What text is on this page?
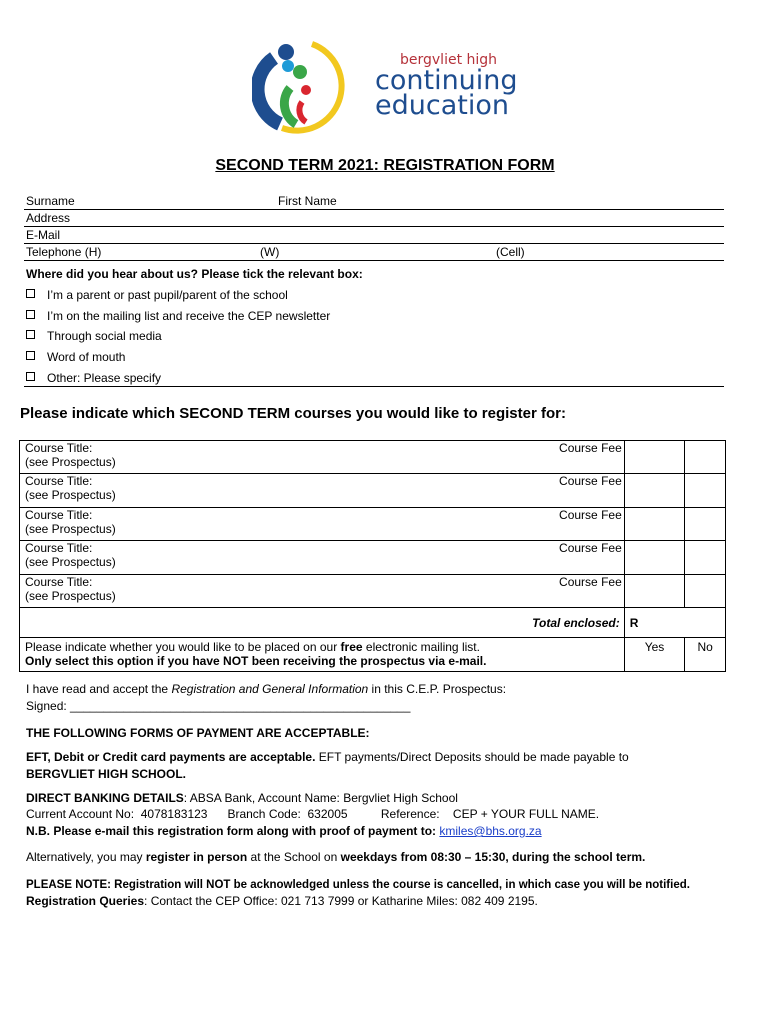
bergvliet high
continuing
education
SECOND TERM 2021: REGISTRATION FORM
Surname	First Name
Address
E-Mail
Telephone (H)	(W)	(Cell)
Where did you hear about us? Please tick the relevant box:
I’m a parent or past pupil/parent of the school
I’m on the mailing list and receive the CEP newsletter
Through social media
Word of mouth
Other: Please specify
Please indicate which SECOND TERM courses you would like to register for:
Course Title:
(see Prospectus)	Course Fee		

Course Title:
(see Prospectus)	Course Fee		

Course Title:
(see Prospectus)	Course Fee		

Course Title:
(see Prospectus)	Course Fee		

Course Title:
(see Prospectus)	Course Fee		
Total enclosed:		R	

Please indicate whether you would like to be placed on our free electronic mailing list.
Only select this option if you have NOT been receiving the prospectus via e-mail.		Yes	No
I have read and accept the Registration and General Information in this C.E.P. Prospectus:
Signed: ___________________________________________________
THE FOLLOWING FORMS OF PAYMENT ARE ACCEPTABLE:
EFT, Debit or Credit card payments are acceptable. EFT payments/Direct Deposits should be made payable to
BERGVLIET HIGH SCHOOL.
DIRECT BANKING DETAILS: ABSA Bank, Account Name: Bergvliet High School
Current Account No:  4078183123      Branch Code:  632005          Reference:    CEP + YOUR FULL NAME.
N.B. Please e-mail this registration form along with proof of payment to: kmiles@bhs.org.za
Alternatively, you may register in person at the School on weekdays from 08:30 – 15:30, during the school term.
PLEASE NOTE: Registration will NOT be acknowledged unless the course is cancelled, in which case you will be notified.
Registration Queries: Contact the CEP Office: 021 713 7999 or Katharine Miles: 082 409 2195.
